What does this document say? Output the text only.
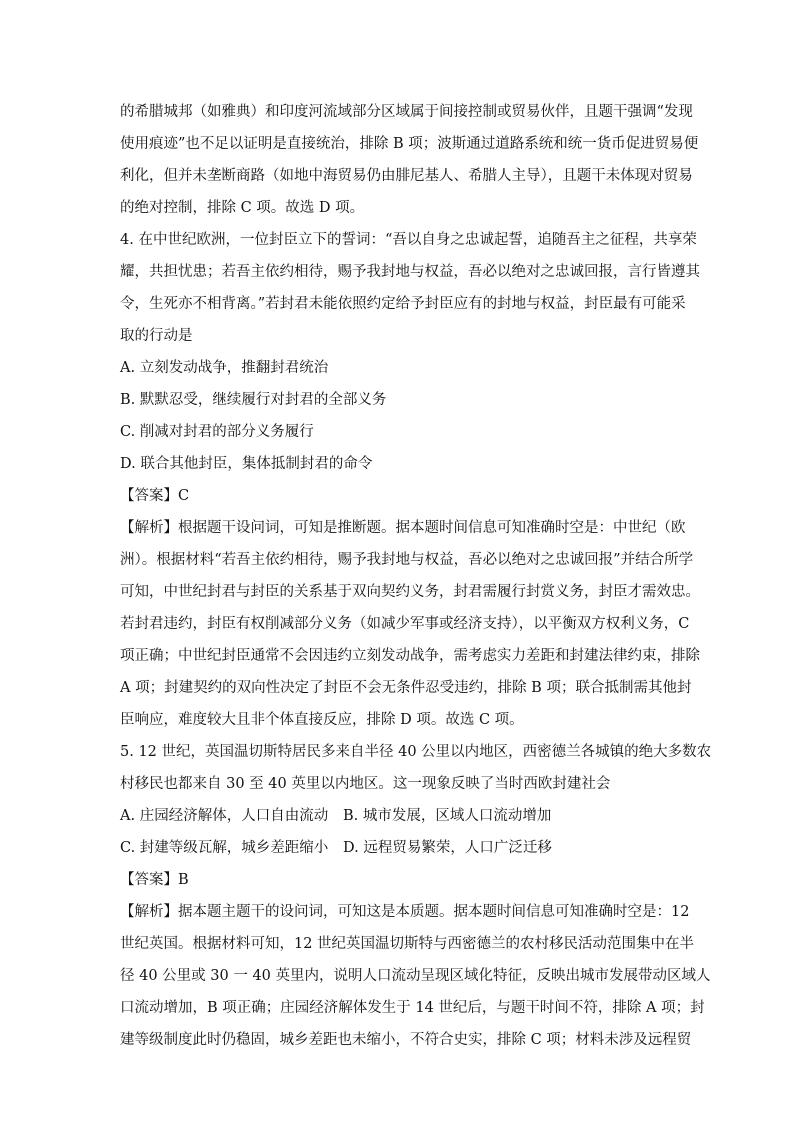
的希腊城邦（如雅典）和印度河流域部分区域属于间接控制或贸易伙伴，且题干强调“发现
使用痕迹”也不足以证明是直接统治，排除 B 项；波斯通过道路系统和统一货币促进贸易便
利化，但并未垄断商路（如地中海贸易仍由腓尼基人、希腊人主导），且题干未体现对贸易
的绝对控制，排除 C 项。故选 D 项。
4. 在中世纪欧洲，一位封臣立下的誓词：“吾以自身之忠诚起誓，追随吾主之征程，共享荣
耀，共担忧患；若吾主依约相待，赐予我封地与权益，吾必以绝对之忠诚回报，言行皆遵其
令，生死亦不相背离。”若封君未能依照约定给予封臣应有的封地与权益，封臣最有可能采
取的行动是
A. 立刻发动战争，推翻封君统治
B. 默默忍受，继续履行对封君的全部义务
C. 削减对封君的部分义务履行
D. 联合其他封臣，集体抵制封君的命令
【答案】C
【解析】根据题干设问词，可知是推断题。据本题时间信息可知准确时空是：中世纪（欧
洲）。根据材料“若吾主依约相待，赐予我封地与权益，吾必以绝对之忠诚回报”并结合所学
可知，中世纪封君与封臣的关系基于双向契约义务，封君需履行封赏义务，封臣才需效忠。
若封君违约，封臣有权削减部分义务（如减少军事或经济支持），以平衡双方权利义务，C
项正确；中世纪封臣通常不会因违约立刻发动战争，需考虑实力差距和封建法律约束，排除
A 项；封建契约的双向性决定了封臣不会无条件忍受违约，排除 B 项；联合抵制需其他封
臣响应，难度较大且非个体直接反应，排除 D 项。故选 C 项。
5. 12 世纪，英国温切斯特居民多来自半径 40 公里以内地区，西密德兰各城镇的绝大多数农
村移民也都来自 30 至 40 英里以内地区。这一现象反映了当时西欧封建社会
A. 庄园经济解体，人口自由流动 B. 城市发展，区域人口流动增加
C. 封建等级瓦解，城乡差距缩小 D. 远程贸易繁荣，人口广泛迁移
【答案】B
【解析】据本题主题干的设问词，可知这是本质题。据本题时间信息可知准确时空是：12
世纪英国。根据材料可知，12 世纪英国温切斯特与西密德兰的农村移民活动范围集中在半
径 40 公里或 30 一 40 英里内，说明人口流动呈现区域化特征，反映出城市发展带动区域人
口流动增加，B 项正确；庄园经济解体发生于 14 世纪后，与题干时间不符，排除 A 项；封
建等级制度此时仍稳固，城乡差距也未缩小，不符合史实，排除 C 项；材料未涉及远程贸
